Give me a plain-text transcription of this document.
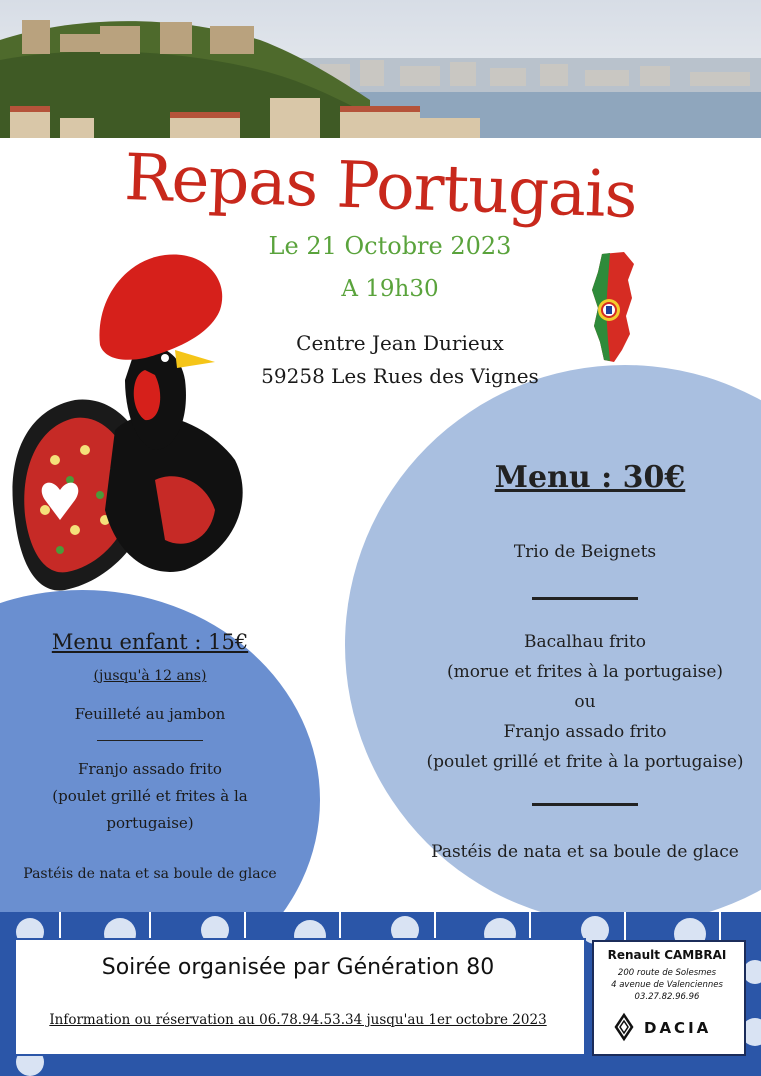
Repas Portugais
Le 21 Octobre 2023
A 19h30
Centre Jean Durieux
59258 Les Rues des Vignes
Menu : 30€
Trio de Beignets
Bacalhau frito
(morue et frites à la portugaise)
ou
Franjo assado frito
(poulet grillé et frite à la portugaise)
Pastéis de nata et sa boule de glace
Menu enfant : 15€
(jusqu'à 12 ans)
Feuilleté au jambon
Franjo assado frito
(poulet grillé et frites à la
portugaise)
Pastéis de nata et sa boule de glace
Soirée organisée par Génération 80
Information ou réservation au 06.78.94.53.34 jusqu'au 1er octobre 2023
Renault CAMBRAI
200 route de Solesmes
4 avenue de Valenciennes
03.27.82.96.96
DACIA
